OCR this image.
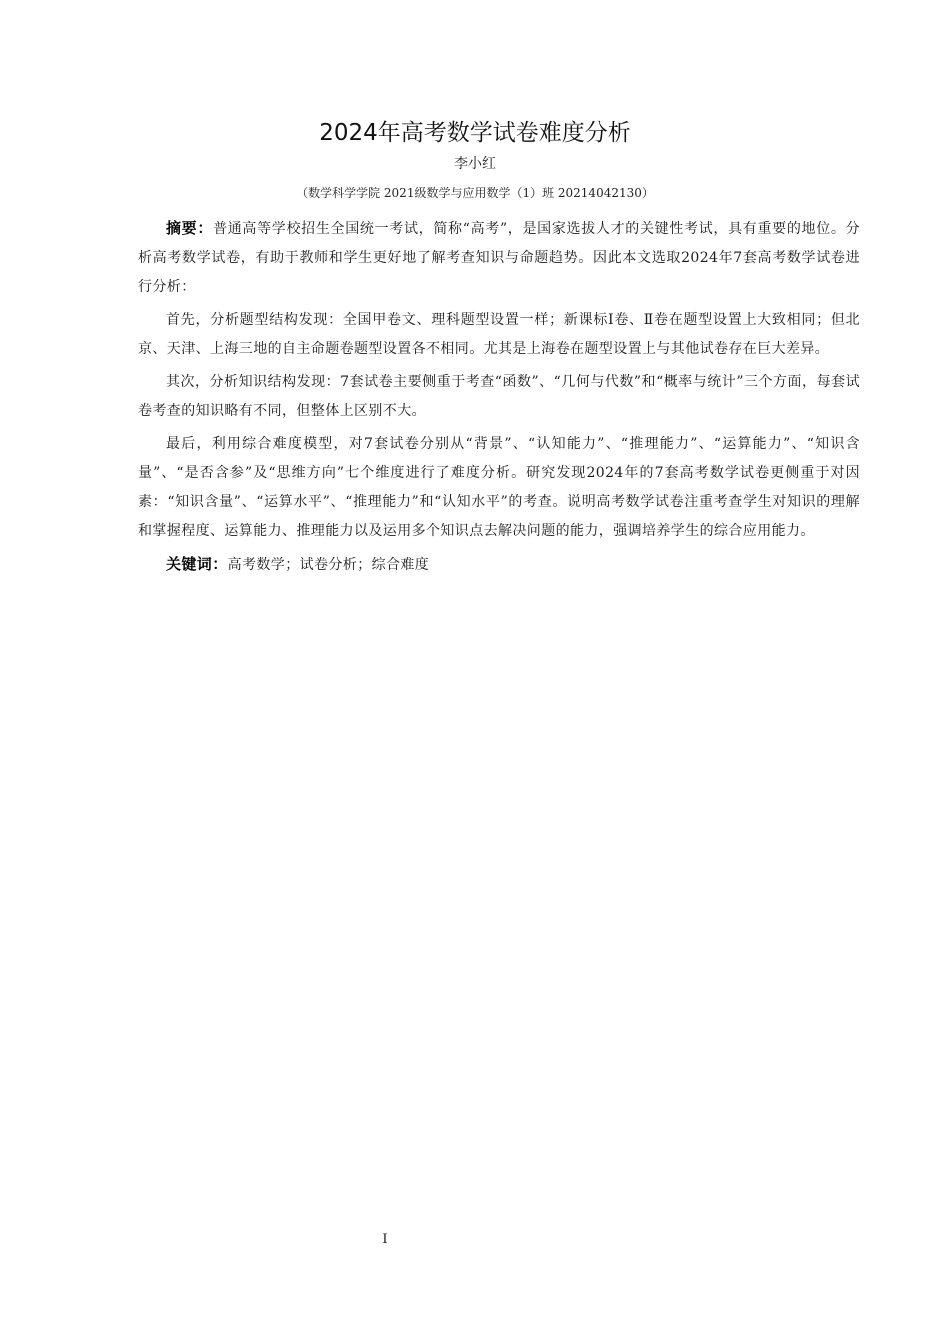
2024年高考数学试卷难度分析
李小红
（数学科学学院 2021级数学与应用数学（1）班 20214042130）

摘要：普通高等学校招生全国统一考试，简称“高考”，是国家选拔人才的关键性考试，具有重要的地位。分析高考数学试卷，有助于教师和学生更好地了解考查知识与命题趋势。因此本文选取2024年7套高考数学试卷进行分析：

首先，分析题型结构发现：全国甲卷文、理科题型设置一样；新课标Ⅰ卷、Ⅱ卷在题型设置上大致相同；但北京、天津、上海三地的自主命题卷题型设置各不相同。尤其是上海卷在题型设置上与其他试卷存在巨大差异。

其次，分析知识结构发现：7套试卷主要侧重于考查“函数”、“几何与代数”和“概率与统计”三个方面，每套试卷考查的知识略有不同，但整体上区别不大。

最后，利用综合难度模型，对7套试卷分别从“背景”、“认知能力”、“推理能力”、“运算能力”、“知识含量”、“是否含参”及“思维方向”七个维度进行了难度分析。研究发现2024年的7套高考数学试卷更侧重于对因素：“知识含量”、“运算水平”、“推理能力”和“认知水平”的考查。说明高考数学试卷注重考查学生对知识的理解和掌握程度、运算能力、推理能力以及运用多个知识点去解决问题的能力，强调培养学生的综合应用能力。

关键词：高考数学；试卷分析；综合难度

I
